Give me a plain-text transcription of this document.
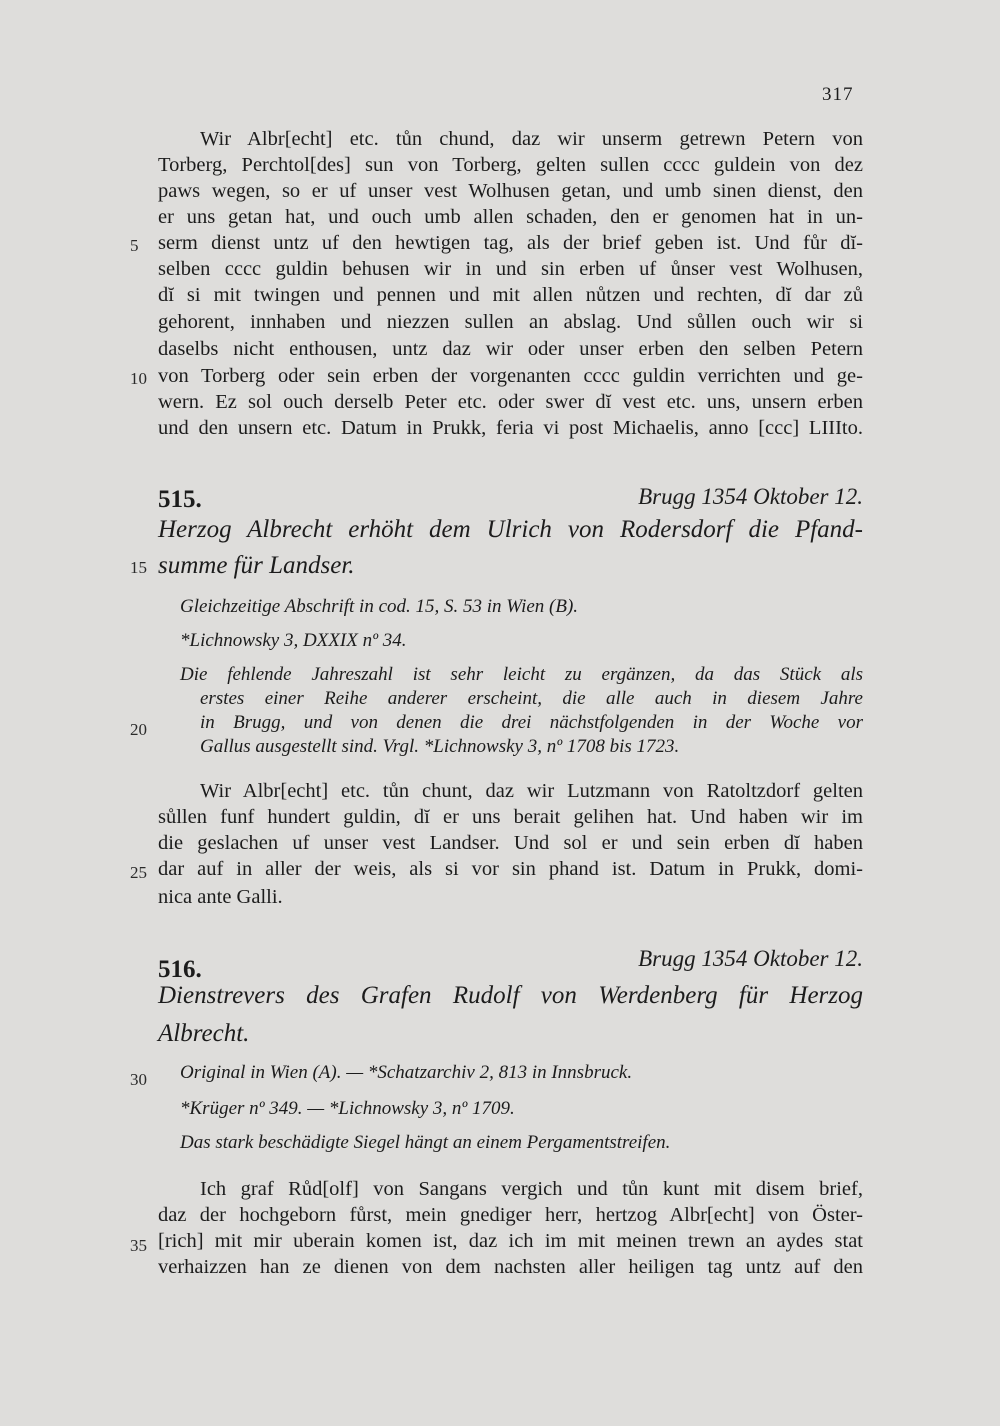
317
Wir Albr[echt] etc. tůn chund, daz wir unserm getrewn Petern von
Torberg, Perchtol[des] sun von Torberg, gelten sullen cccc guldein von dez
paws wegen, so er uf unser vest Wolhusen getan, und umb sinen dienst, den
er uns getan hat, und ouch umb allen schaden, den er genomen hat in un-
5 serm dienst untz uf den hewtigen tag, als der brief geben ist. Und fůr dĭ-
selben cccc guldin behusen wir in und sin erben uf ůnser vest Wolhusen,
dĭ si mit twingen und pennen und mit allen nůtzen und rechten, dĭ dar zů
gehorent, innhaben und niezzen sullen an abslag. Und sůllen ouch wir si
daselbs nicht enthousen, untz daz wir oder unser erben den selben Petern
10 von Torberg oder sein erben der vorgenanten cccc guldin verrichten und ge-
wern. Ez sol ouch derselb Peter etc. oder swer dĭ vest etc. uns, unsern erben
und den unsern etc. Datum in Prukk, feria vi post Michaelis, anno [ccc] LIIIto.
515.	Brugg 1354 Oktober 12.
Herzog Albrecht erhöht dem Ulrich von Rodersdorf die Pfand-
15 summe für Landser.
Gleichzeitige Abschrift in cod. 15, S. 53 in Wien (B).
*Lichnowsky 3, DXXIX nº 34.
Die fehlende Jahreszahl ist sehr leicht zu ergänzen, da das Stück als
erstes einer Reihe anderer erscheint, die alle auch in diesem Jahre
20	in Brugg, und von denen die drei nächstfolgenden in der Woche vor
Gallus ausgestellt sind. Vrgl. *Lichnowsky 3, nº 1708 bis 1723.
Wir Albr[echt] etc. tůn chunt, daz wir Lutzmann von Ratoltzdorf gelten
sůllen funf hundert guldin, dĭ er uns berait gelihen hat. Und haben wir im
die geslachen uf unser vest Landser. Und sol er und sein erben dĭ haben
25 dar auf in aller der weis, als si vor sin phand ist. Datum in Prukk, domi-
nica ante Galli.
516.	Brugg 1354 Oktober 12.
Dienstrevers des Grafen Rudolf von Werdenberg für Herzog
Albrecht.
30 Original in Wien (A). — *Schatzarchiv 2, 813 in Innsbruck.
*Krüger nº 349. — *Lichnowsky 3, nº 1709.
Das stark beschädigte Siegel hängt an einem Pergamentstreifen.
Ich graf Růd[olf] von Sangans vergich und tůn kunt mit disem brief,
daz der hochgeborn fůrst, mein gnediger herr, hertzog Albr[echt] von Öster-
35 [rich] mit mir uberain komen ist, daz ich im mit meinen trewn an aydes stat
verhaizzen han ze dienen von dem nachsten aller heiligen tag untz auf den
